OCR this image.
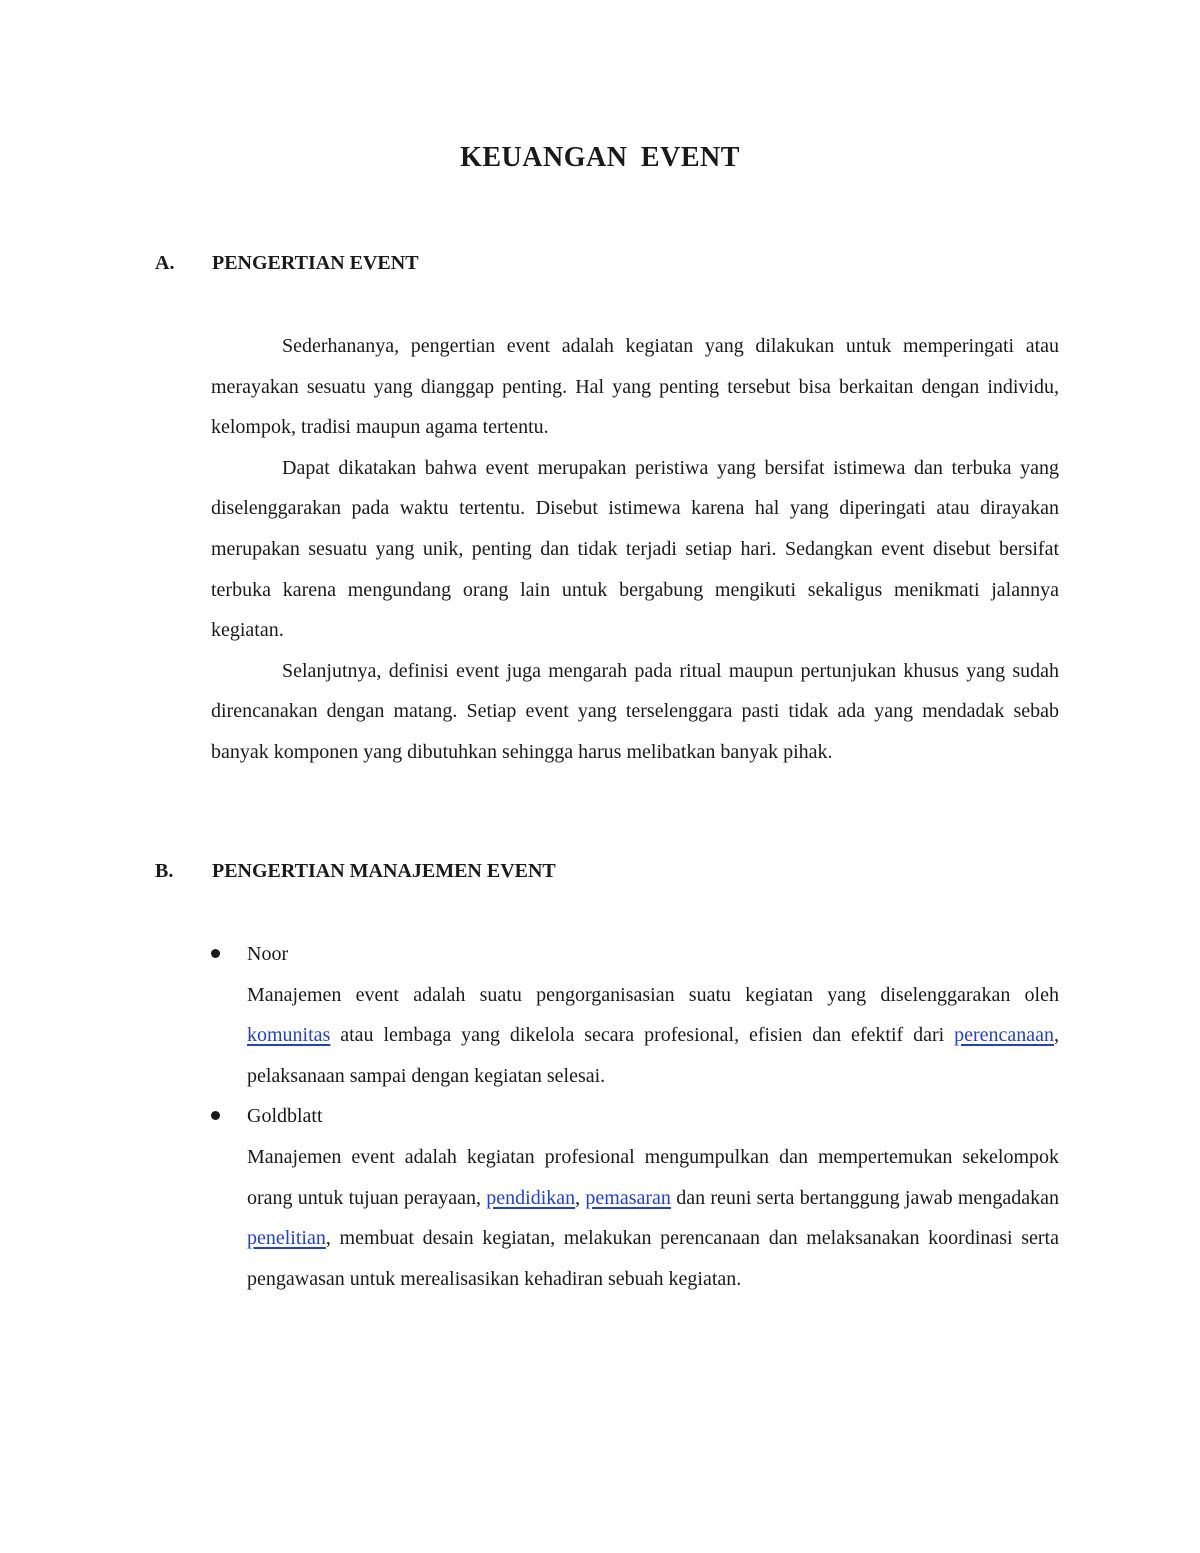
KEUANGAN EVENT
A. PENGERTIAN EVENT

Sederhananya, pengertian event adalah kegiatan yang dilakukan untuk memperingati atau merayakan sesuatu yang dianggap penting. Hal yang penting tersebut bisa berkaitan dengan individu, kelompok, tradisi maupun agama tertentu.

Dapat dikatakan bahwa event merupakan peristiwa yang bersifat istimewa dan terbuka yang diselenggarakan pada waktu tertentu. Disebut istimewa karena hal yang diperingati atau dirayakan merupakan sesuatu yang unik, penting dan tidak terjadi setiap hari. Sedangkan event disebut bersifat terbuka karena mengundang orang lain untuk bergabung mengikuti sekaligus menikmati jalannya kegiatan.

Selanjutnya, definisi event juga mengarah pada ritual maupun pertunjukan khusus yang sudah direncanakan dengan matang. Setiap event yang terselenggara pasti tidak ada yang mendadak sebab banyak komponen yang dibutuhkan sehingga harus melibatkan banyak pihak.

B. PENGERTIAN MANAJEMEN EVENT
Noor
Manajemen event adalah suatu pengorganisasian suatu kegiatan yang diselenggarakan oleh komunitas atau lembaga yang dikelola secara profesional, efisien dan efektif dari perencanaan, pelaksanaan sampai dengan kegiatan selesai.
Goldblatt
Manajemen event adalah kegiatan profesional mengumpulkan dan mempertemukan sekelompok orang untuk tujuan perayaan, pendidikan, pemasaran dan reuni serta bertanggung jawab mengadakan penelitian, membuat desain kegiatan, melakukan perencanaan dan melaksanakan koordinasi serta pengawasan untuk merealisasikan kehadiran sebuah kegiatan.
